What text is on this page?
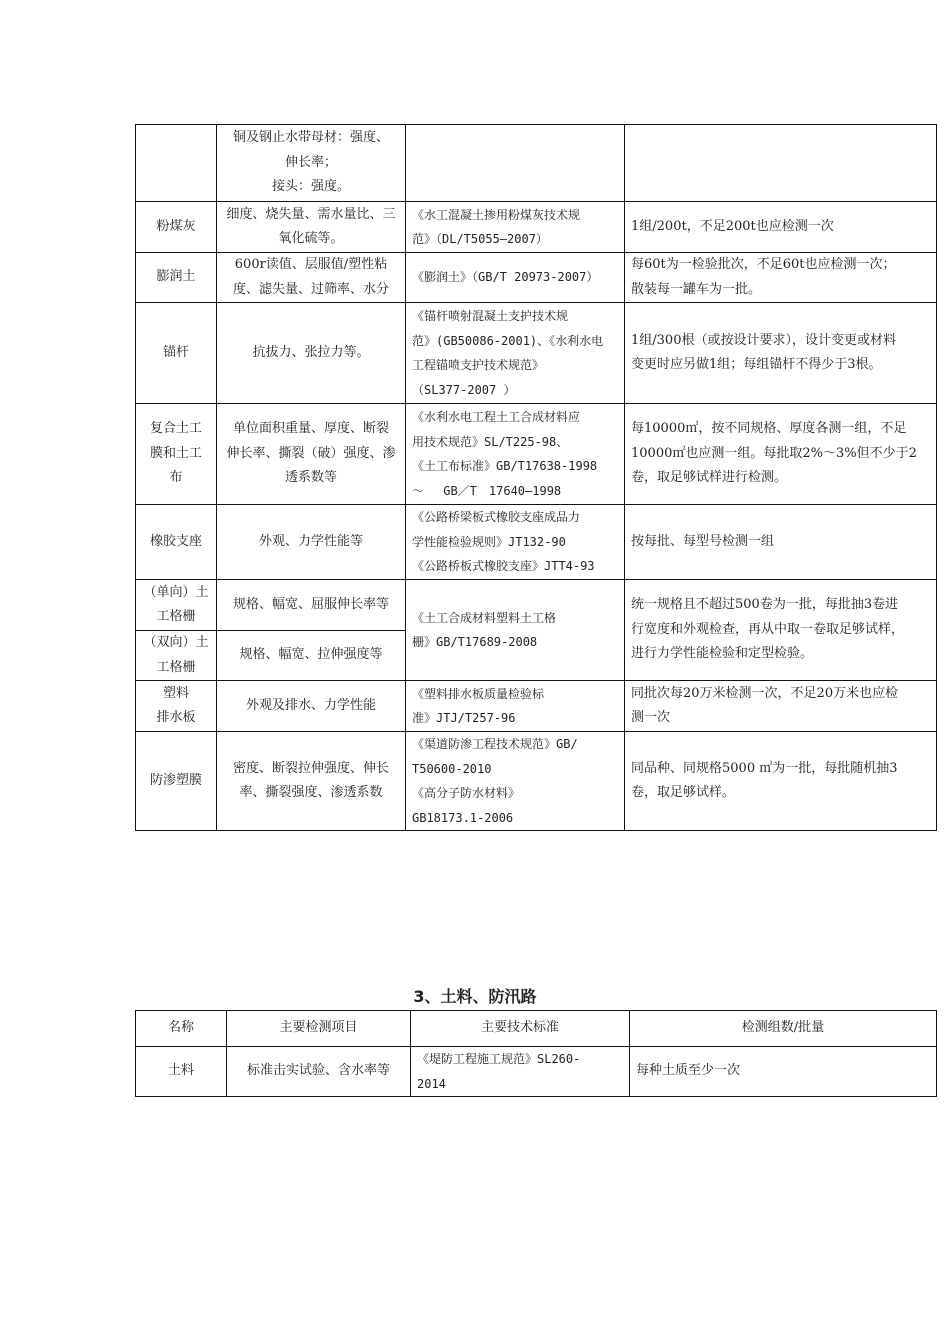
	铜及钢止水带母材：强度、
伸长率；
接头：强度。		

粉煤灰	细度、烧失量、需水量比、三
氧化硫等。	《水工混凝土掺用粉煤灰技术规
范》（DL/T5055—2007）	1组/200t，不足200t也应检测一次

膨润土	600r读值、层服值/塑性粘
度、滤失量、过筛率、水分	《膨润土》（GB/T 20973-2007）	每60t为一检验批次，不足60t也应检测一次；
散装每一罐车为一批。

锚杆	抗拔力、张拉力等。	《锚杆喷射混凝土支护技术规
范》(GB50086-2001)、《水利水电
工程锚喷支护技术规范》
（SL377-2007 ）	1组/300根（或按设计要求），设计变更或材料
变更时应另做1组；每组锚杆不得少于3根。

复合土工
膜和土工
布	单位面积重量、厚度、断裂
伸长率、撕裂（破）强度、渗
透系数等	《水利水电工程土工合成材料应
用技术规范》SL/T225-98、
《土工布标准》GB/T17638-1998
～　 GB／T　17640—1998	每10000㎡，按不同规格、厚度各测一组，不足
10000㎡也应测一组。每批取2%～3%但不少于2
卷，取足够试样进行检测。

橡胶支座	外观、力学性能等	《公路桥梁板式橡胶支座成品力
学性能检验规则》JT132-90
《公路桥板式橡胶支座》JTT4-93	按每批、每型号检测一组

（单向）土
工格栅	规格、幅宽、屈服伸长率等	《土工合成材料塑料土工格
栅》GB/T17689-2008	统一规格且不超过500卷为一批，每批抽3卷进
行宽度和外观检查，再从中取一卷取足够试样，
进行力学性能检验和定型检验。

（双向）土
工格栅	规格、幅宽、拉伸强度等		

塑料
排水板	外观及排水、力学性能	《塑料排水板质量检验标
准》JTJ/T257-96	同批次每20万米检测一次，不足20万米也应检
测一次

防渗塑膜	密度、断裂拉伸强度、伸长
率、撕裂强度、渗透系数	《渠道防渗工程技术规范》GB/
T50600-2010
《高分子防水材料》
GB18173.1-2006	同品种、同规格5000 ㎡为一批，每批随机抽3
卷，取足够试样。
3、土料、防汛路
名称	主要检测项目	主要技术标准	检测组数/批量

土料	标准击实试验、含水率等	《堤防工程施工规范》SL260-
2014	每种土质至少一次
